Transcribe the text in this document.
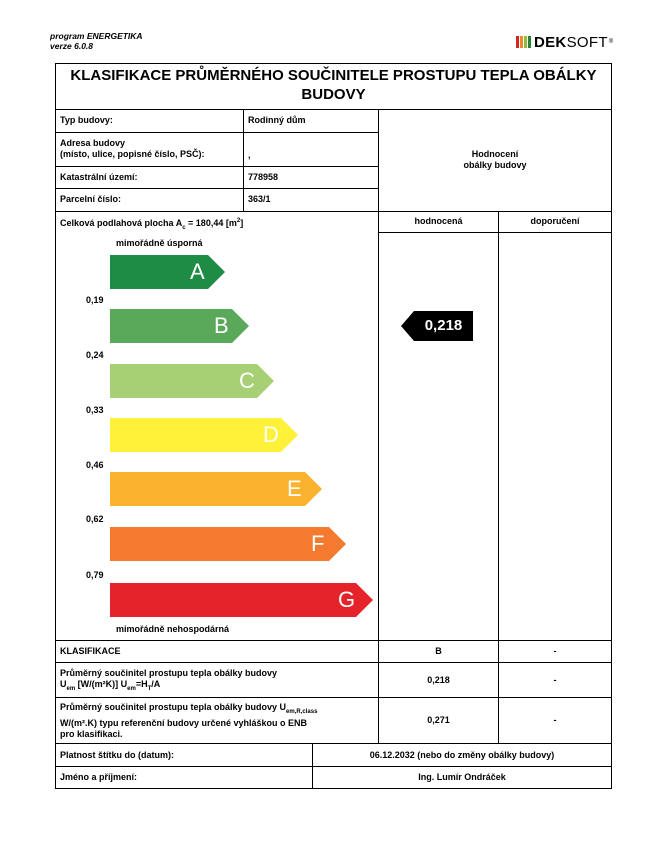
program ENERGETIKA
verze 6.0.8	DEK SOFT ®
KLASIFIKACE PRŮMĚRNÉHO SOUČINITELE PROSTUPU TEPLA OBÁLKY
BUDOVY
Typ budovy:	Rodinný dům
Adresa budovy
(místo, ulice, popisné číslo, PSČ):	,
Katastrální území:	778958
Parcelní číslo:	363/1
Hodnocení
obálky budovy
Celková podlahová plocha $A_c = 180,44$ $[m^2]$	hodnocená	doporučení
mimořádně úsporná
mimořádně nehospodárná
A
B
C
D
E
F
G
0,19
0,24
0,33
0,46
0,62
0,79
0,218
KLASIFIKACE	B	-
Průměrný součinitel prostupu tepla obálky budovy
$U_{em}$ [W/(m²K)] $U_{em}=H_T/A$	0,218	-
Průměrný součinitel prostupu tepla obálky budovy $U_{em,R,class}$
W/(m².K) typu referenční budovy určené vyhláškou o ENB
pro klasifikaci.
0,271	-
Platnost štítku do (datum):	06.12.2032 (nebo do změny obálky budovy)
Jméno a příjmení:	Ing. Lumír Ondráček
